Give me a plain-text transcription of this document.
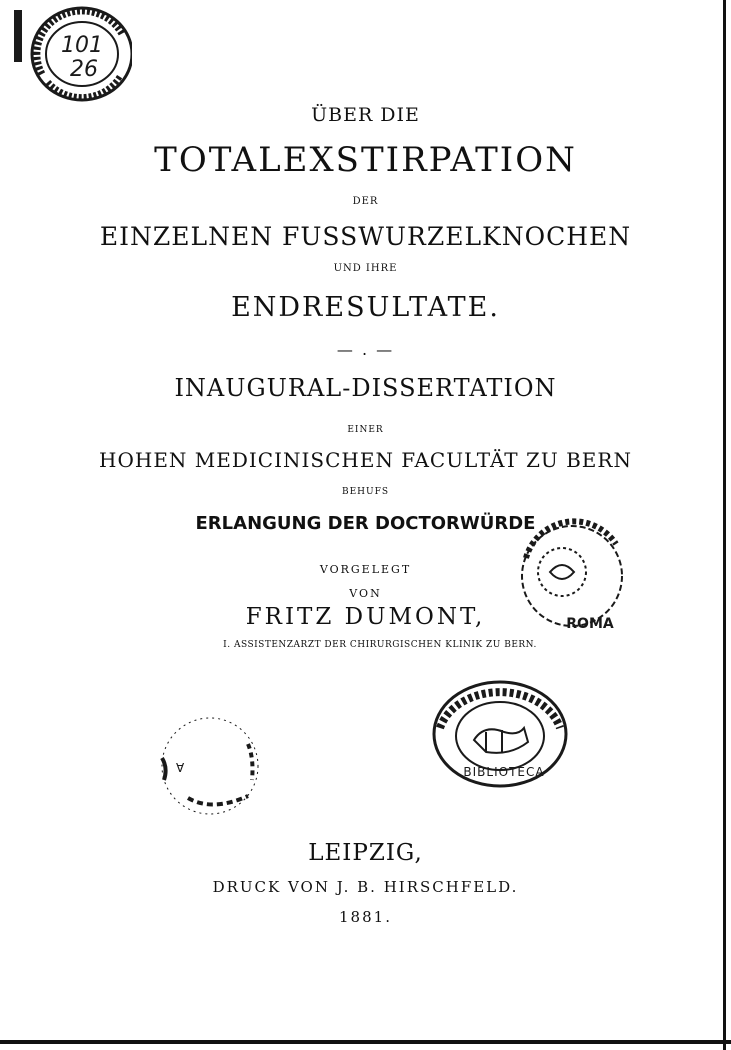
101
26
ROMA
Ɐ	BIBLIOTECA
ÜBER DIE
TOTALEXSTIRPATION
DER
EINZELNEN FUSSWURZELKNOCHEN
UND IHRE
ENDRESULTATE.
— . —
INAUGURAL-DISSERTATION
EINER
HOHEN MEDICINISCHEN FACULTÄT ZU BERN
BEHUFS
ERLANGUNG DER DOCTORWÜRDE
VORGELEGT
VON
FRITZ DUMONT,
I. ASSISTENZARZT DER CHIRURGISCHEN KLINIK ZU BERN.
LEIPZIG,
DRUCK VON J. B. HIRSCHFELD.
1881.
